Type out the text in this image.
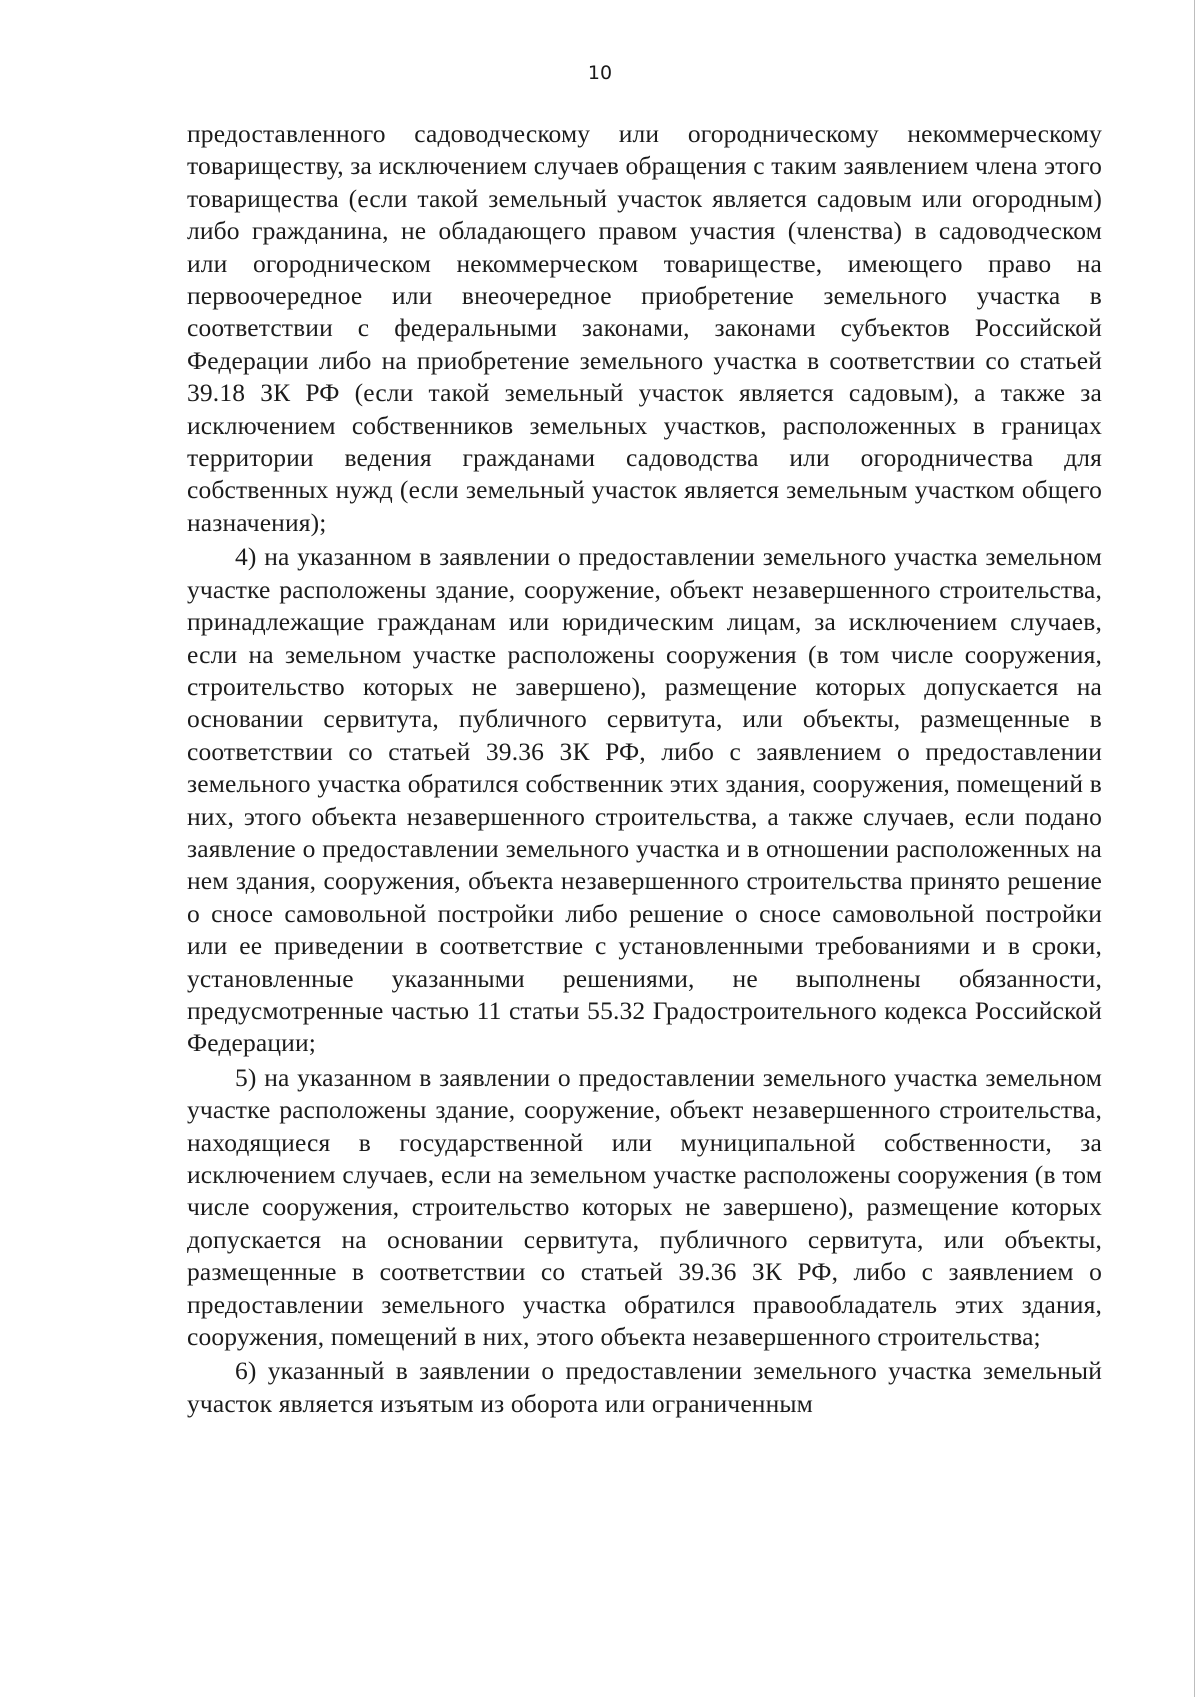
10

предоставленного садоводческому или огородническому некоммерческому товариществу, за исключением случаев обращения с таким заявлением члена этого товарищества (если такой земельный участок является садовым или огородным) либо гражданина, не обладающего правом участия (членства) в садоводческом или огородническом некоммерческом товариществе, имеющего право на первоочередное или внеочередное приобретение земельного участка в соответствии с федеральными законами, законами субъектов Российской Федерации либо на приобретение земельного участка в соответствии со статьей 39.18 ЗК РФ (если такой земельный участок является садовым), а также за исключением собственников земельных участков, расположенных в границах территории ведения гражданами садоводства или огородничества для собственных нужд (если земельный участок является земельным участком общего назначения);

4) на указанном в заявлении о предоставлении земельного участка земельном участке расположены здание, сооружение, объект незавершенного строительства, принадлежащие гражданам или юридическим лицам, за исключением случаев, если на земельном участке расположены сооружения (в том числе сооружения, строительство которых не завершено), размещение которых допускается на основании сервитута, публичного сервитута, или объекты, размещенные в соответствии со статьей 39.36 ЗК РФ, либо с заявлением о предоставлении земельного участка обратился собственник этих здания, сооружения, помещений в них, этого объекта незавершенного строительства, а также случаев, если подано заявление о предоставлении земельного участка и в отношении расположенных на нем здания, сооружения, объекта незавершенного строительства принято решение о сносе самовольной постройки либо решение о сносе самовольной постройки или ее приведении в соответствие с установленными требованиями и в сроки, установленные указанными решениями, не выполнены обязанности, предусмотренные частью 11 статьи 55.32 Градостроительного кодекса Российской Федерации;

5) на указанном в заявлении о предоставлении земельного участка земельном участке расположены здание, сооружение, объект незавершенного строительства, находящиеся в государственной или муниципальной собственности, за исключением случаев, если на земельном участке расположены сооружения (в том числе сооружения, строительство которых не завершено), размещение которых допускается на основании сервитута, публичного сервитута, или объекты, размещенные в соответствии со статьей 39.36 ЗК РФ, либо с заявлением о предоставлении земельного участка обратился правообладатель этих здания, сооружения, помещений в них, этого объекта незавершенного строительства;

6) указанный в заявлении о предоставлении земельного участка земельный участок является изъятым из оборота или ограниченным
